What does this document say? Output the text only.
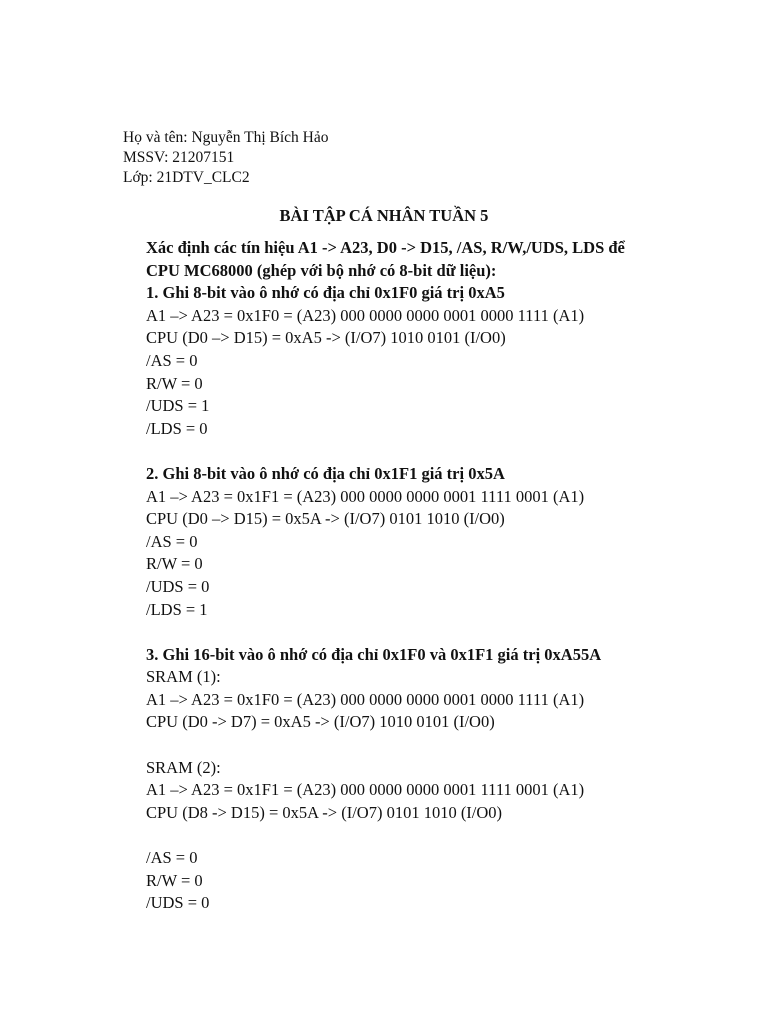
Họ và tên: Nguyễn Thị Bích Hảo
MSSV: 21207151
Lớp: 21DTV_CLC2
BÀI TẬP CÁ NHÂN TUẦN 5
Xác định các tín hiệu A1 -> A23, D0 -> D15, /AS, R/W,/UDS, LDS để
CPU MC68000 (ghép với bộ nhớ có 8-bit dữ liệu):
1. Ghi 8-bit vào ô nhớ có địa chỉ 0x1F0 giá trị 0xA5
A1 –> A23 = 0x1F0 = (A23) 000 0000 0000 0001 0000 1111 (A1)
CPU (D0 –> D15) = 0xA5 -> (I/O7) 1010 0101 (I/O0)
/AS = 0
R/W = 0
/UDS = 1
/LDS = 0
2. Ghi 8-bit vào ô nhớ có địa chỉ 0x1F1 giá trị 0x5A
A1 –> A23 = 0x1F1 = (A23) 000 0000 0000 0001 1111 0001 (A1)
CPU (D0 –> D15) = 0x5A -> (I/O7) 0101 1010 (I/O0)
/AS = 0
R/W = 0
/UDS = 0
/LDS = 1
3. Ghi 16-bit vào ô nhớ có địa chỉ 0x1F0 và 0x1F1 giá trị 0xA55A
SRAM (1):
A1 –> A23 = 0x1F0 = (A23) 000 0000 0000 0001 0000 1111 (A1)
CPU (D0 -> D7) = 0xA5 -> (I/O7) 1010 0101 (I/O0)
SRAM (2):
A1 –> A23 = 0x1F1 = (A23) 000 0000 0000 0001 1111 0001 (A1)
CPU (D8 -> D15) = 0x5A -> (I/O7) 0101 1010 (I/O0)
/AS = 0
R/W = 0
/UDS = 0
